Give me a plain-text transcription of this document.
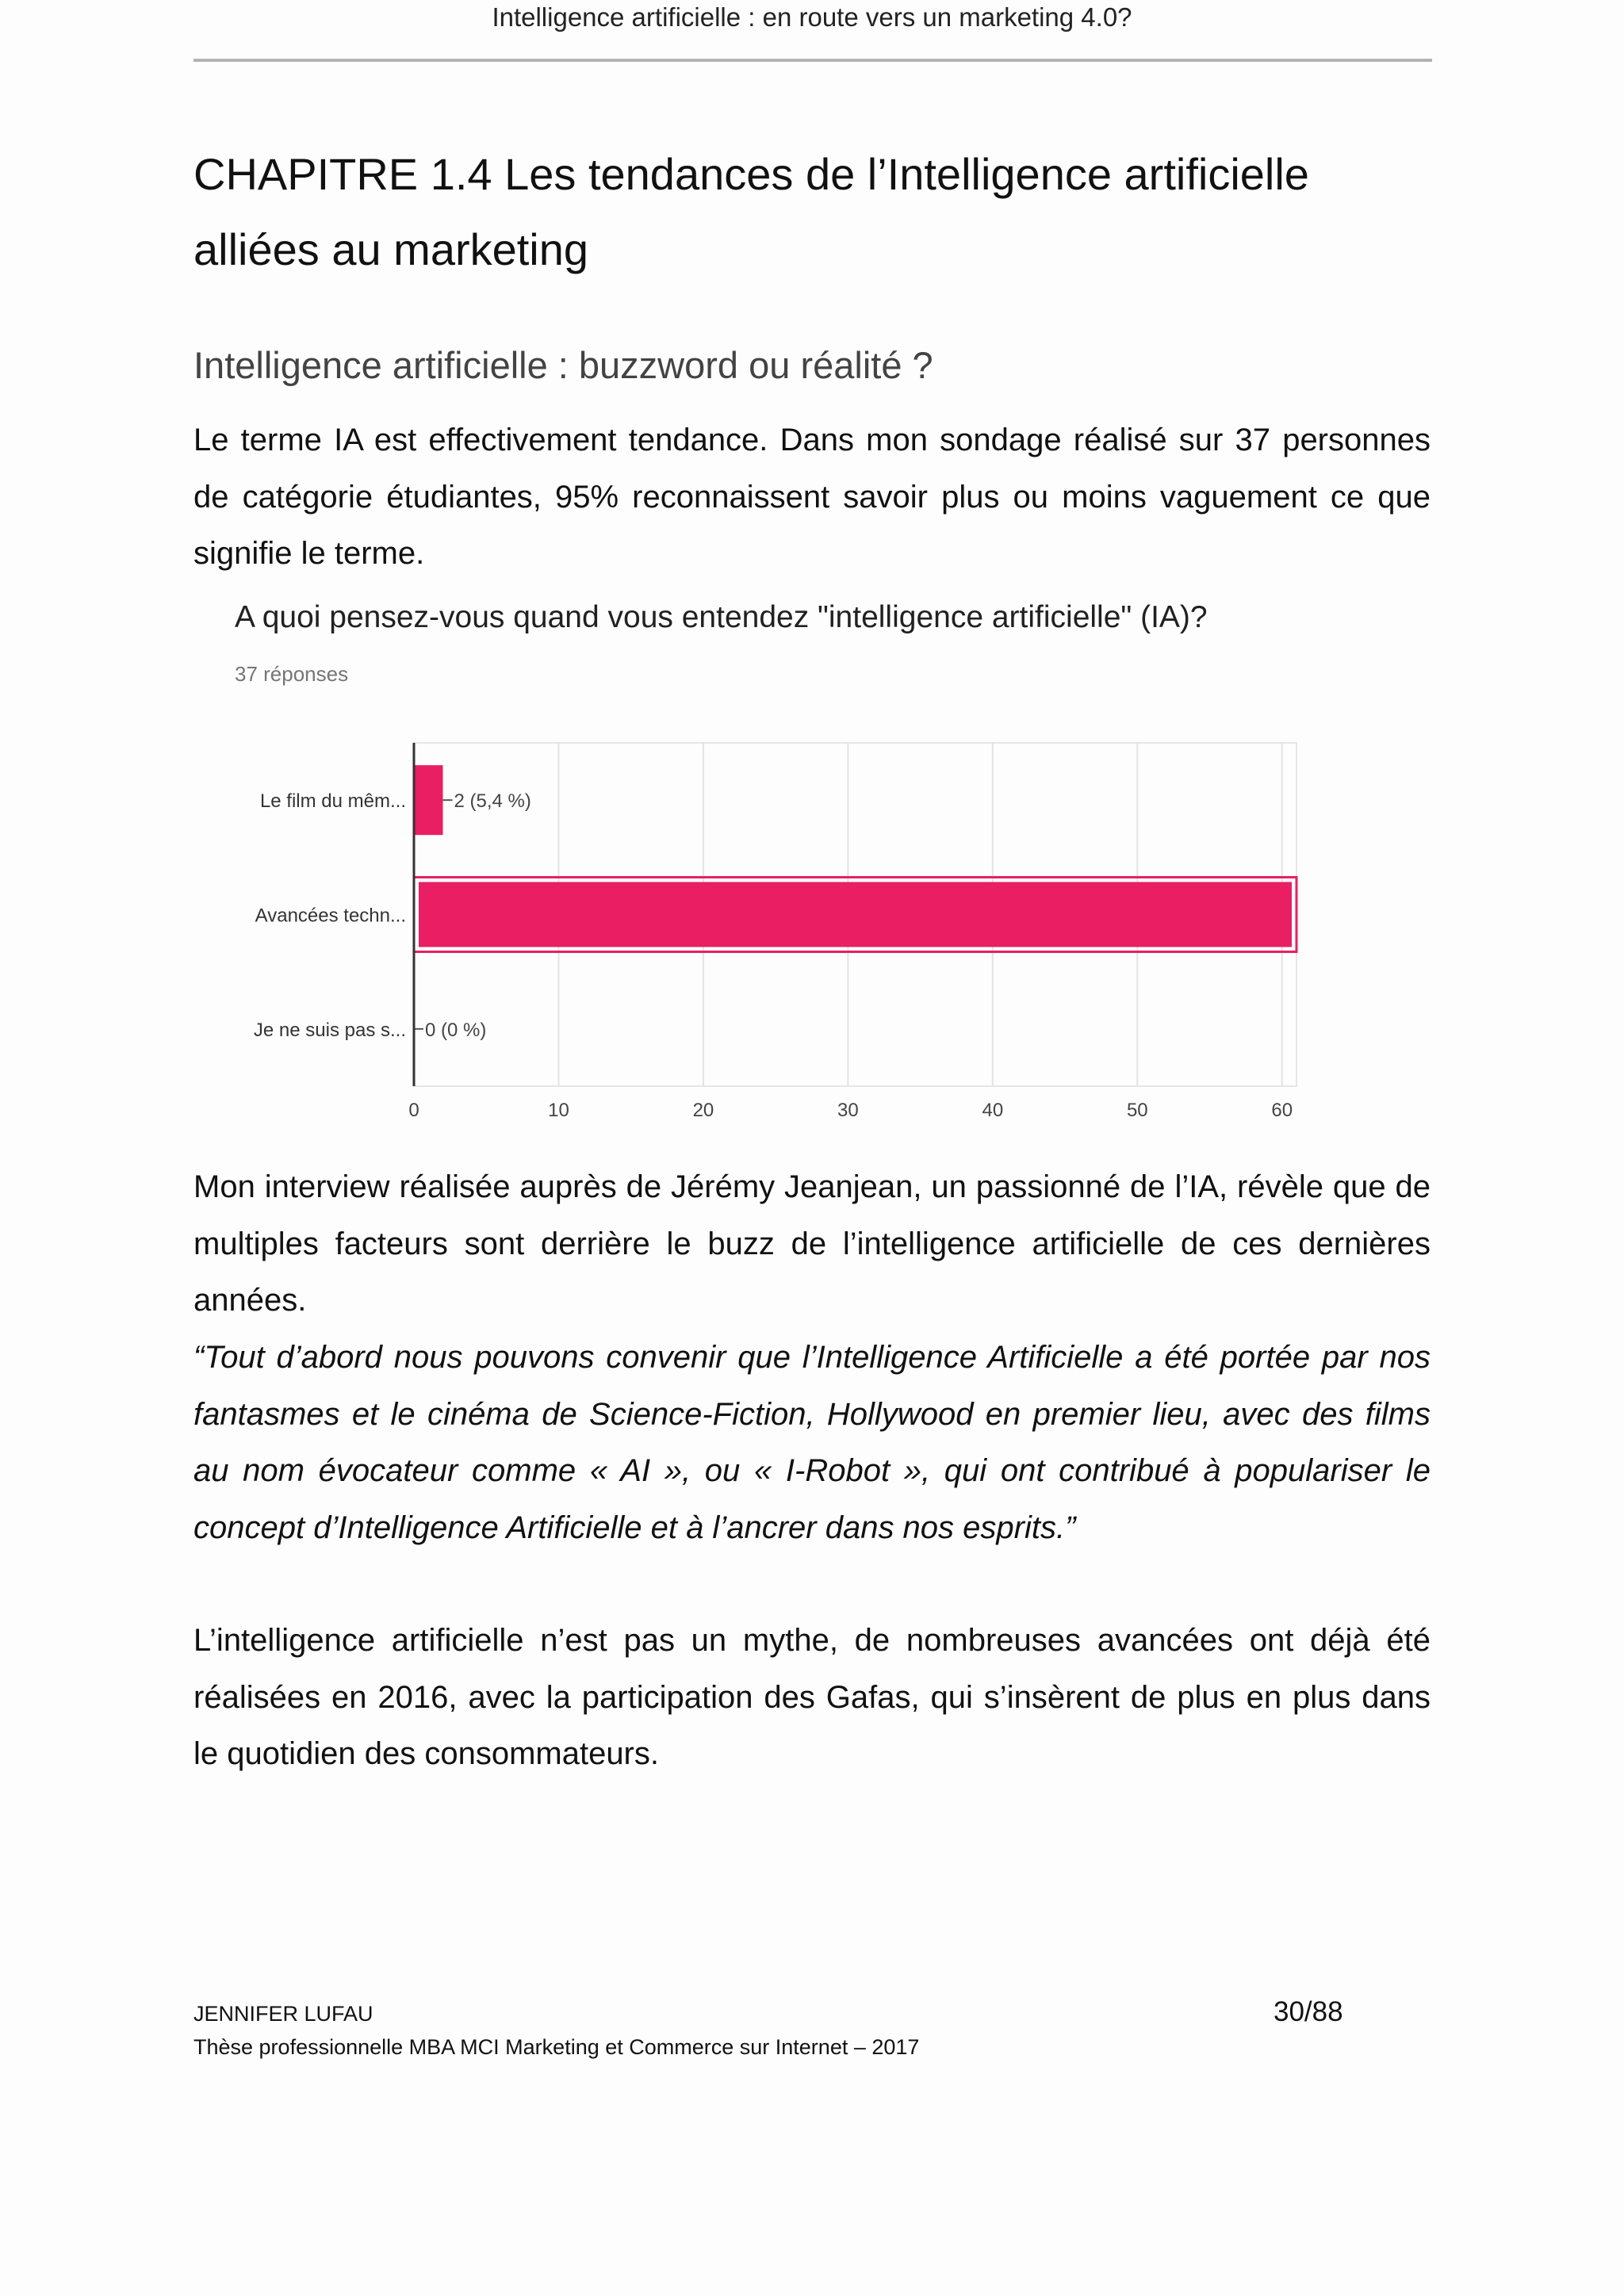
Intelligence artificielle : en route vers un marketing 4.0?
CHAPITRE 1.4 Les tendances de l’Intelligence artificielle alliées au marketing
Intelligence artificielle : buzzword ou réalité ?

Le terme IA est effectivement tendance. Dans mon sondage réalisé sur 37 personnes de catégorie étudiantes, 95% reconnaissent savoir plus ou moins vaguement ce que signifie le terme.

A quoi pensez-vous quand vous entendez "intelligence artificielle" (IA)?
37 réponses
0	10	20	30	40	50	60
Le film du mêm...	2 (5,4 %)
Avancées techn...
Je ne suis pas s... 0 (0 %)

Mon interview réalisée auprès de Jérémy Jeanjean, un passionné de l’IA, révèle que de multiples facteurs sont derrière le buzz de l’intelligence artificielle de ces dernières années.

“Tout d’abord nous pouvons convenir que l’Intelligence Artificielle a été portée par nos fantasmes et le cinéma de Science-Fiction, Hollywood en premier lieu, avec des films au nom évocateur comme « AI », ou « I-Robot », qui ont contribué à populariser le concept d’Intelligence Artificielle et à l’ancrer dans nos esprits.”

L’intelligence artificielle n’est pas un mythe, de nombreuses avancées ont déjà été réalisées en 2016, avec la participation des Gafas, qui s’insèrent de plus en plus dans le quotidien des consommateurs.

JENNIFER LUFAU
Thèse professionnelle MBA MCI Marketing et Commerce sur Internet – 2017
30/88
